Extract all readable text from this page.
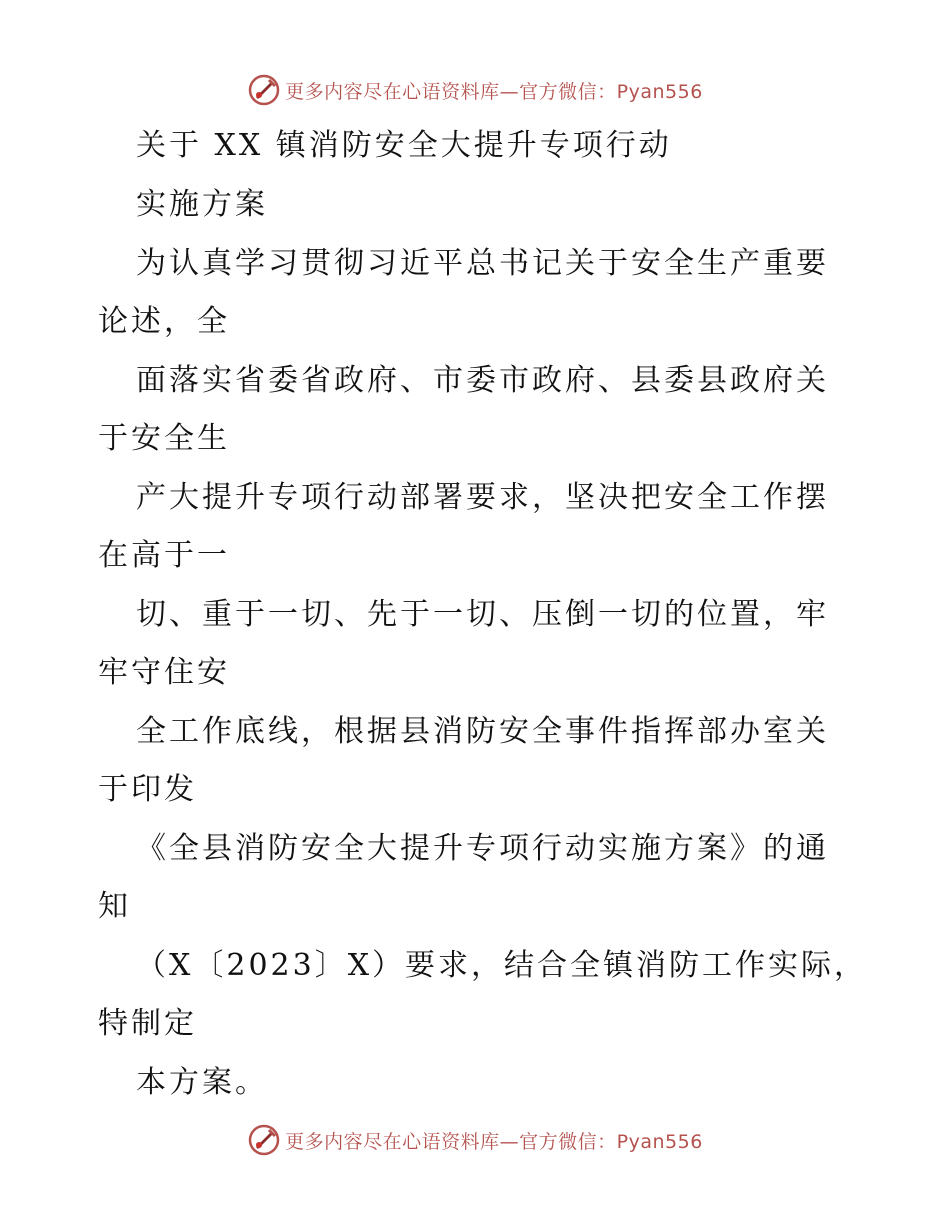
更多内容尽在心语资料库—官方微信：Pyan556
关于 XX 镇消防安全大提升专项行动
实施方案
为认真学习贯彻习近平总书记关于安全生产重要
论述，全
面落实省委省政府、市委市政府、县委县政府关
于安全生
产大提升专项行动部署要求，坚决把安全工作摆
在高于一
切、重于一切、先于一切、压倒一切的位置，牢
牢守住安
全工作底线，根据县消防安全事件指挥部办室关
于印发
《全县消防安全大提升专项行动实施方案》的通
知
（X〔2023〕X）要求，结合全镇消防工作实际，
特制定
本方案。
更多内容尽在心语资料库—官方微信：Pyan556
